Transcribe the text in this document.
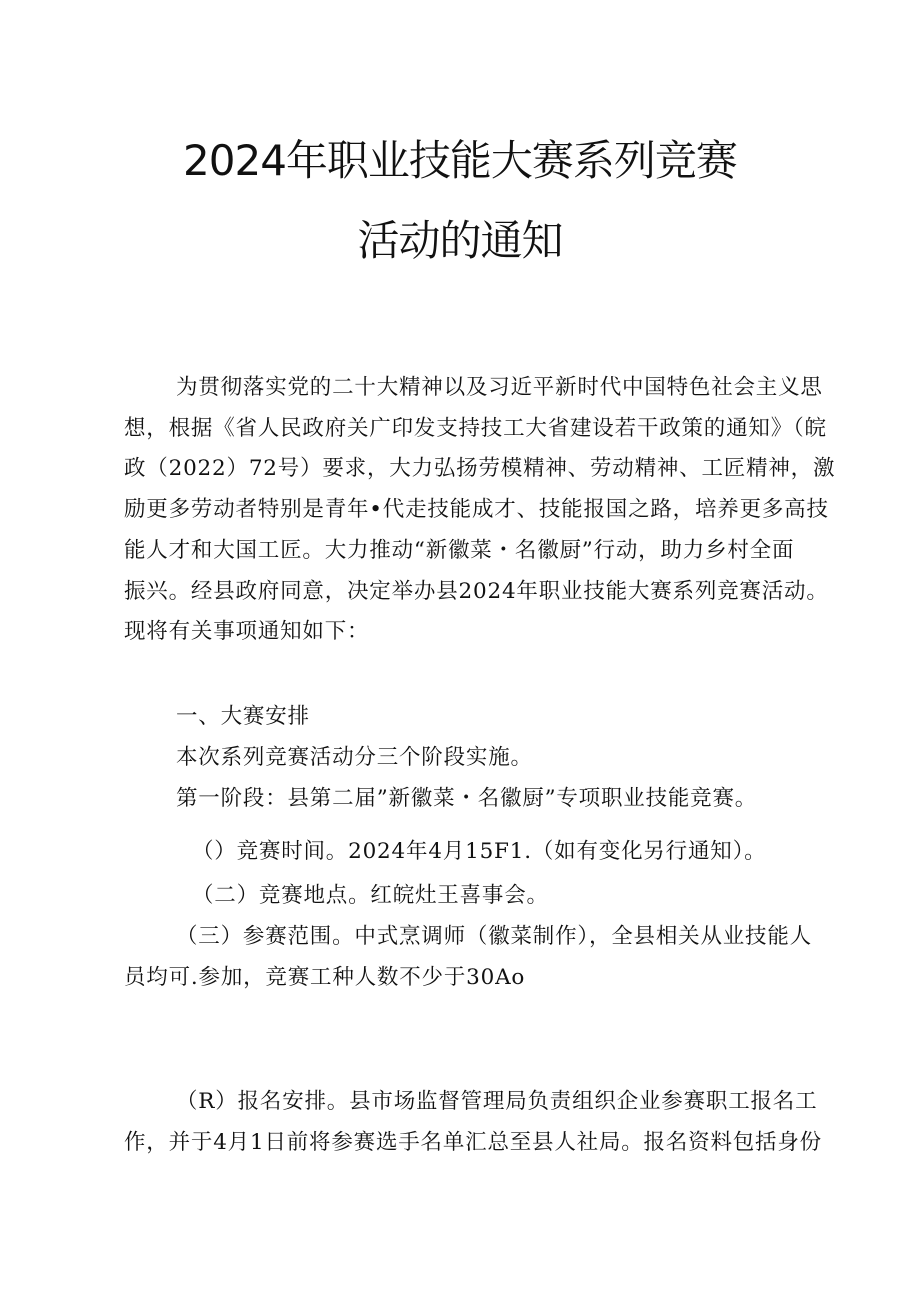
2024年职业技能大赛系列竞赛
活动的通知
为贯彻落实党的二十大精神以及习近平新时代中国特色社会主义思
想，根据《省人民政府关广印发支持技工大省建设若干政策的通知》（皖
政（2022）72号）要求，大力弘扬劳模精神、劳动精神、工匠精神，激
励更多劳动者特别是青年•代走技能成才、技能报国之路，培养更多高技
能人才和大国工匠。大力推动“新徽菜・名徽厨”行动，助力乡村全面
振兴。经县政府同意，决定举办县2024年职业技能大赛系列竞赛活动。
现将有关事项通知如下：
一、大赛安排
本次系列竞赛活动分三个阶段实施。
第一阶段：县第二届”新徽菜・名徽厨”专项职业技能竞赛。
（）竞赛时间。2024年4月15F1.（如有变化另行通知）。
（二）竞赛地点。红皖灶王喜事会。
（三）参赛范围。中式烹调师（徽菜制作），全县相关从业技能人
员均可.参加，竞赛工种人数不少于30Ao
（R）报名安排。县市场监督管理局负责组织企业参赛职工报名工
作，并于4月1日前将参赛选手名单汇总至县人社局。报名资料包括身份
